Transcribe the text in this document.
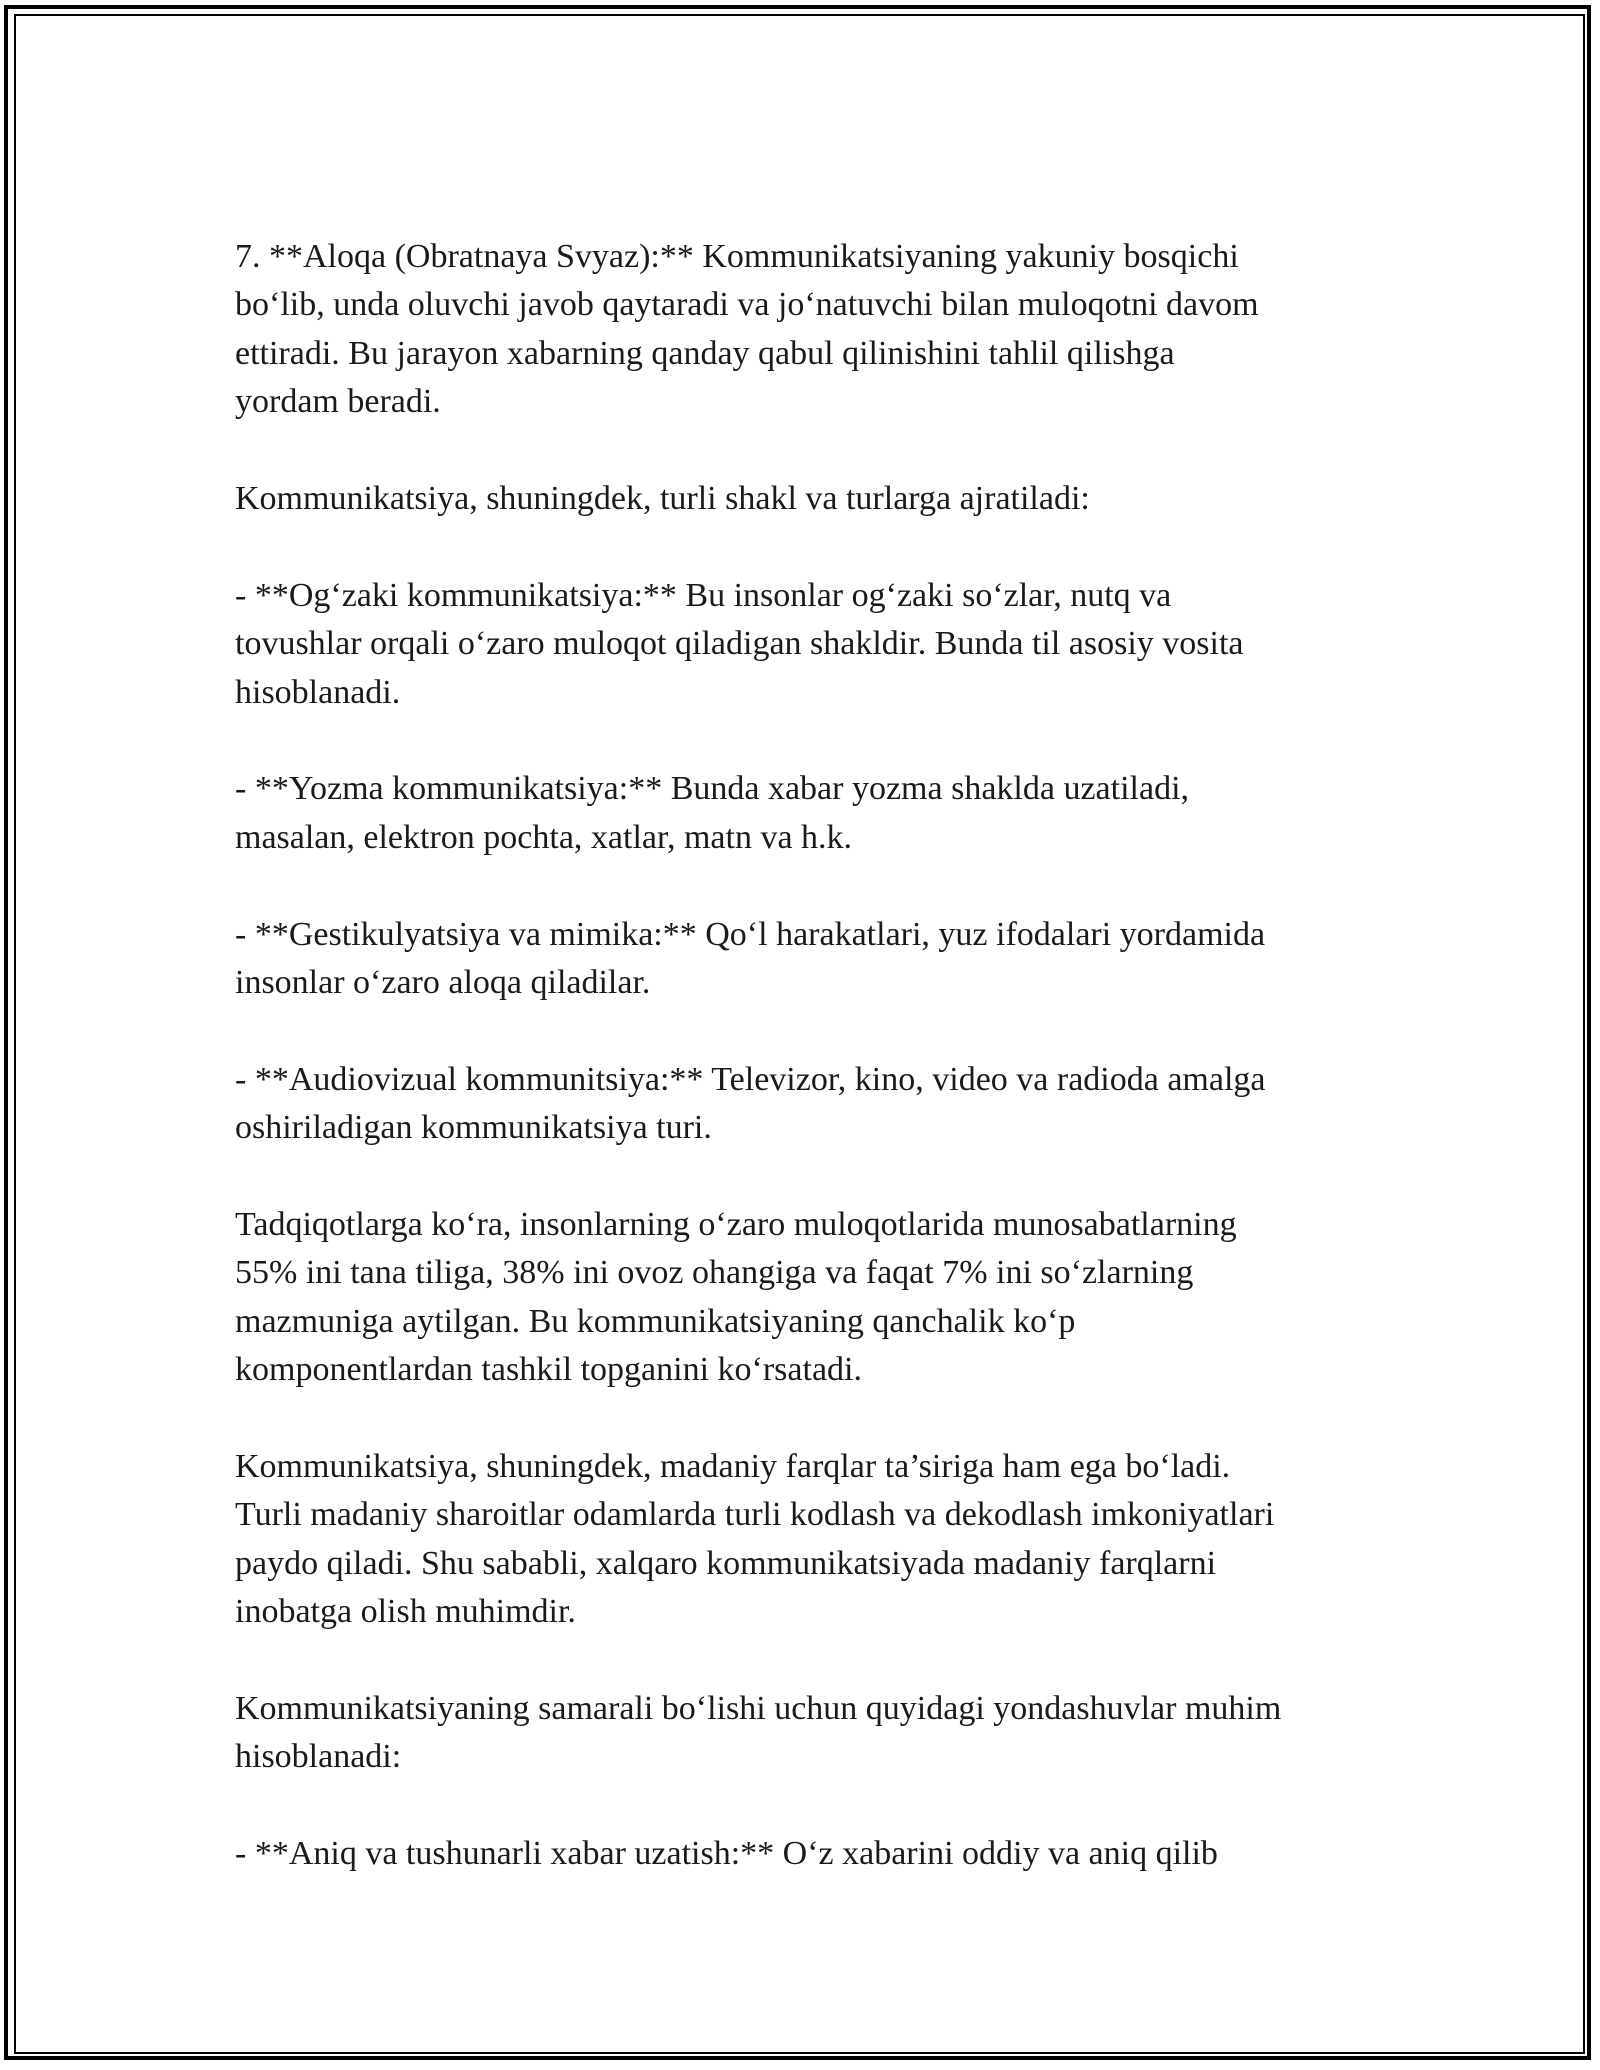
7. **Aloqa (Obratnaya Svyaz):** Kommunikatsiyaning yakuniy bosqichi
bo‘lib, unda oluvchi javob qaytaradi va jo‘natuvchi bilan muloqotni davom
ettiradi. Bu jarayon xabarning qanday qabul qilinishini tahlil qilishga
yordam beradi.

Kommunikatsiya, shuningdek, turli shakl va turlarga ajratiladi:

- **Og‘zaki kommunikatsiya:** Bu insonlar og‘zaki so‘zlar, nutq va
tovushlar orqali o‘zaro muloqot qiladigan shakldir. Bunda til asosiy vosita
hisoblanadi.

- **Yozma kommunikatsiya:** Bunda xabar yozma shaklda uzatiladi,
masalan, elektron pochta, xatlar, matn va h.k.

- **Gestikulyatsiya va mimika:** Qo‘l harakatlari, yuz ifodalari yordamida
insonlar o‘zaro aloqa qiladilar.

- **Audiovizual kommunitsiya:** Televizor, kino, video va radioda amalga
oshiriladigan kommunikatsiya turi.

Tadqiqotlarga ko‘ra, insonlarning o‘zaro muloqotlarida munosabatlarning
55% ini tana tiliga, 38% ini ovoz ohangiga va faqat 7% ini so‘zlarning
mazmuniga aytilgan. Bu kommunikatsiyaning qanchalik ko‘p
komponentlardan tashkil topganini ko‘rsatadi.

Kommunikatsiya, shuningdek, madaniy farqlar ta’siriga ham ega bo‘ladi.
Turli madaniy sharoitlar odamlarda turli kodlash va dekodlash imkoniyatlari
paydo qiladi. Shu sababli, xalqaro kommunikatsiyada madaniy farqlarni
inobatga olish muhimdir.

Kommunikatsiyaning samarali bo‘lishi uchun quyidagi yondashuvlar muhim
hisoblanadi:

- **Aniq va tushunarli xabar uzatish:** O‘z xabarini oddiy va aniq qilib
